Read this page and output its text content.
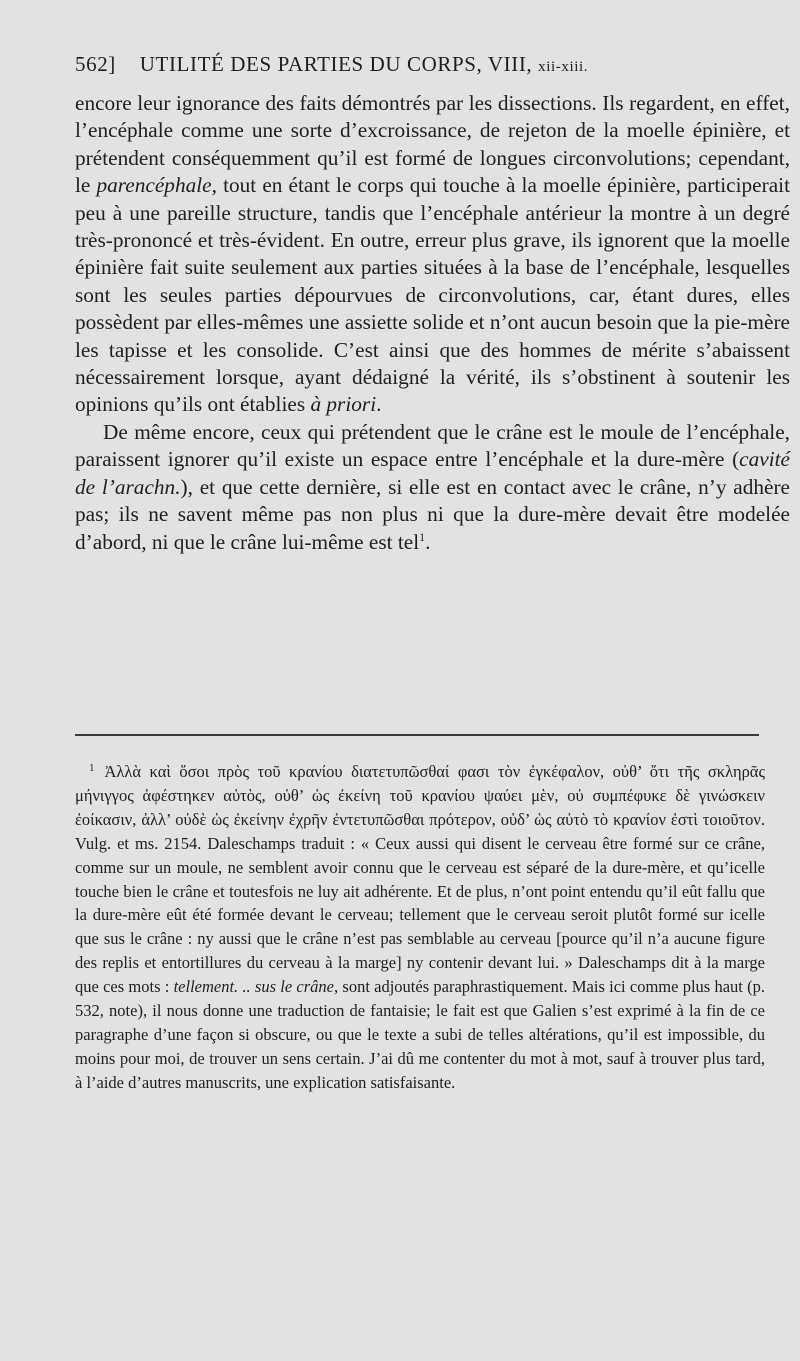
562] UTILITÉ DES PARTIES DU CORPS, VIII, xii-xiii.

encore leur ignorance des faits démontrés par les dissections. Ils regardent, en effet, l’encéphale comme une sorte d’excroissance, de rejeton de la moelle épinière, et prétendent conséquemment qu’il est formé de longues circonvolutions; cependant, le parencéphale, tout en étant le corps qui touche à la moelle épinière, participerait peu à une pareille structure, tandis que l’encéphale antérieur la montre à un degré très-prononcé et très-évident. En outre, erreur plus grave, ils ignorent que la moelle épinière fait suite seulement aux parties situées à la base de l’encéphale, lesquelles sont les seules parties dépourvues de circonvolutions, car, étant dures, elles possèdent par elles-mêmes une assiette solide et n’ont aucun besoin que la pie-mère les tapisse et les consolide. C’est ainsi que des hommes de mérite s’abaissent nécessairement lorsque, ayant dédaigné la vérité, ils s’obstinent à soutenir les opinions qu’ils ont établies à priori.

De même encore, ceux qui prétendent que le crâne est le moule de l’encéphale, paraissent ignorer qu’il existe un espace entre l’encéphale et la dure-mère (cavité de l’arachn.), et que cette dernière, si elle est en contact avec le crâne, n’y adhère pas; ils ne savent même pas non plus ni que la dure-mère devait être modelée d’abord, ni que le crâne lui-même est tel$^1$.

$^1$ Ἀλλὰ καὶ ὅσοι πρὸς τοῦ κρανίου διατετυπῶσθαί φασι τὸν ἐγκέφαλον, οὐθ’ ὅτι τῆς σκληρᾶς μήνιγγος ἀφέστηκεν αὐτὸς, οὐθ’ ὡς ἐκείνη τοῦ κρανίου ψαύει μὲν, οὐ συμπέφυκε δὲ γινώσκειν ἐοίκασιν, ἀλλ’ οὐδὲ ὡς ἐκείνην ἐχρῆν ἐντετυπῶσθαι πρότερον, οὐδ’ ὡς αὐτὸ τὸ κρανίον ἐστὶ τοιοῦτον. Vulg. et ms. 2154. Daleschamps traduit : « Ceux aussi qui disent le cerveau être formé sur ce crâne, comme sur un moule, ne semblent avoir connu que le cerveau est séparé de la dure-mère, et qu’icelle touche bien le crâne et toutesfois ne luy ait adhérente. Et de plus, n’ont point entendu qu’il eût fallu que la dure-mère eût été formée devant le cerveau; tellement que le cerveau seroit plutôt formé sur icelle que sus le crâne : ny aussi que le crâne n’est pas semblable au cerveau [pource qu’il n’a aucune figure des replis et entortillures du cerveau à la marge] ny contenir devant lui. » Daleschamps dit à la marge que ces mots : tellement. .. sus le crâne, sont adjoutés paraphrastiquement. Mais ici comme plus haut (p. 532, note), il nous donne une traduction de fantaisie; le fait est que Galien s’est exprimé à la fin de ce paragraphe d’une façon si obscure, ou que le texte a subi de telles altérations, qu’il est impossible, du moins pour moi, de trouver un sens certain. J’ai dû me contenter du mot à mot, sauf à trouver plus tard, à l’aide d’autres manuscrits, une explication satisfaisante.
